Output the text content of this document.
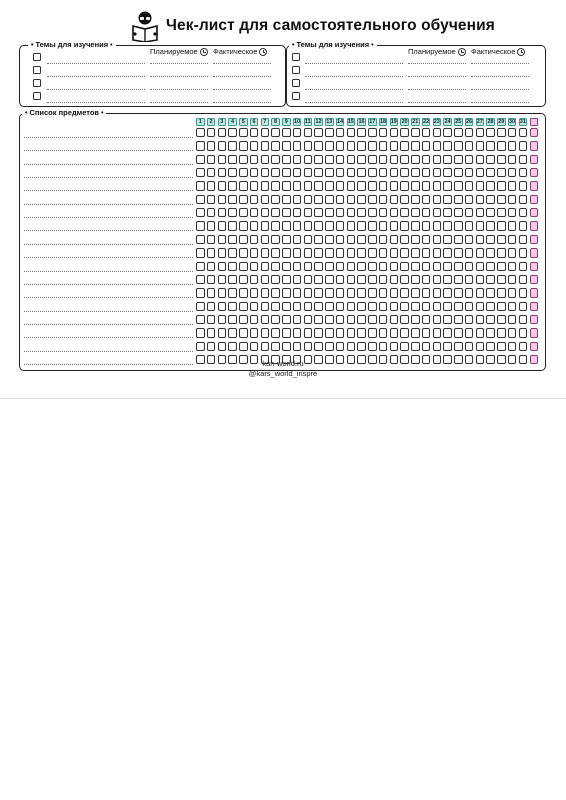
Чек-лист для самостоятельного обучения
• Темы для изучения •
Планируемое Фактическое
• Темы для изучения •
Планируемое Фактическое
• Список предметов •
1	2	3	4	5	6	7	8	9	10 11 12 13 14 15 16 17 18 19 20 21 22 23 24 25 26 27 28 29 30 31
kan-world.ru
@kars_world_inspre
